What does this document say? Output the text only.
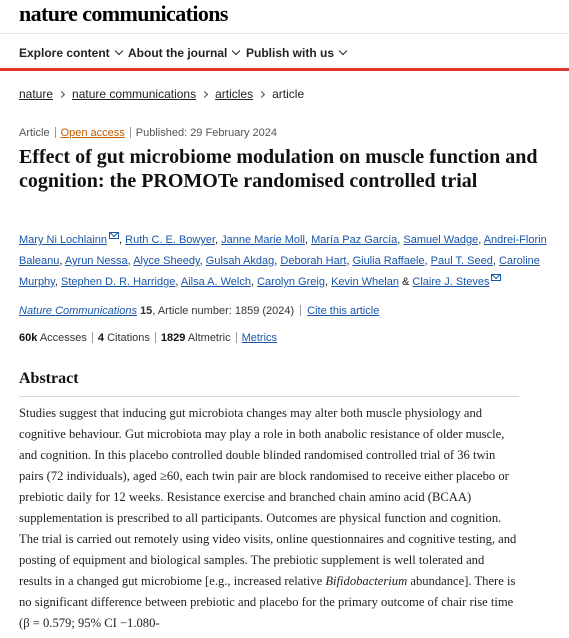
nature communications
Explore content	About the journal	Publish with us
nature nature communications articles article
Article Open access Published: 29 February 2024
Effect of gut microbiome modulation on muscle function and cognition: the PROMOTe randomised controlled trial
Mary Ni Lochlainn , Ruth C. E. Bowyer, Janne Marie Moll, María Paz García, Samuel Wadge, Andrei-Florin Baleanu, Ayrun Nessa, Alyce Sheedy, Gulsah Akdag, Deborah Hart, Giulia Raffaele, Paul T. Seed, Caroline Murphy, Stephen D. R. Harridge, Ailsa A. Welch, Carolyn Greig, Kevin Whelan & Claire J. Steves
Nature Communications 15, Article number: 1859 (2024) Cite this article
60k Accesses 4 Citations 1829 Altmetric Metrics
Abstract

Studies suggest that inducing gut microbiota changes may alter both muscle physiology and cognitive behaviour. Gut microbiota may play a role in both anabolic resistance of older muscle, and cognition. In this placebo controlled double blinded randomised controlled trial of 36 twin pairs (72 individuals), aged ≥60, each twin pair are block randomised to receive either placebo or prebiotic daily for 12 weeks. Resistance exercise and branched chain amino acid (BCAA) supplementation is prescribed to all participants. Outcomes are physical function and cognition. The trial is carried out remotely using video visits, online questionnaires and cognitive testing, and posting of equipment and biological samples. The prebiotic supplement is well tolerated and results in a changed gut microbiome [e.g., increased relative Bifidobacterium abundance]. There is no significant difference between prebiotic and placebo for the primary outcome of chair rise time (β = 0.579; 95% CI −1.080-
